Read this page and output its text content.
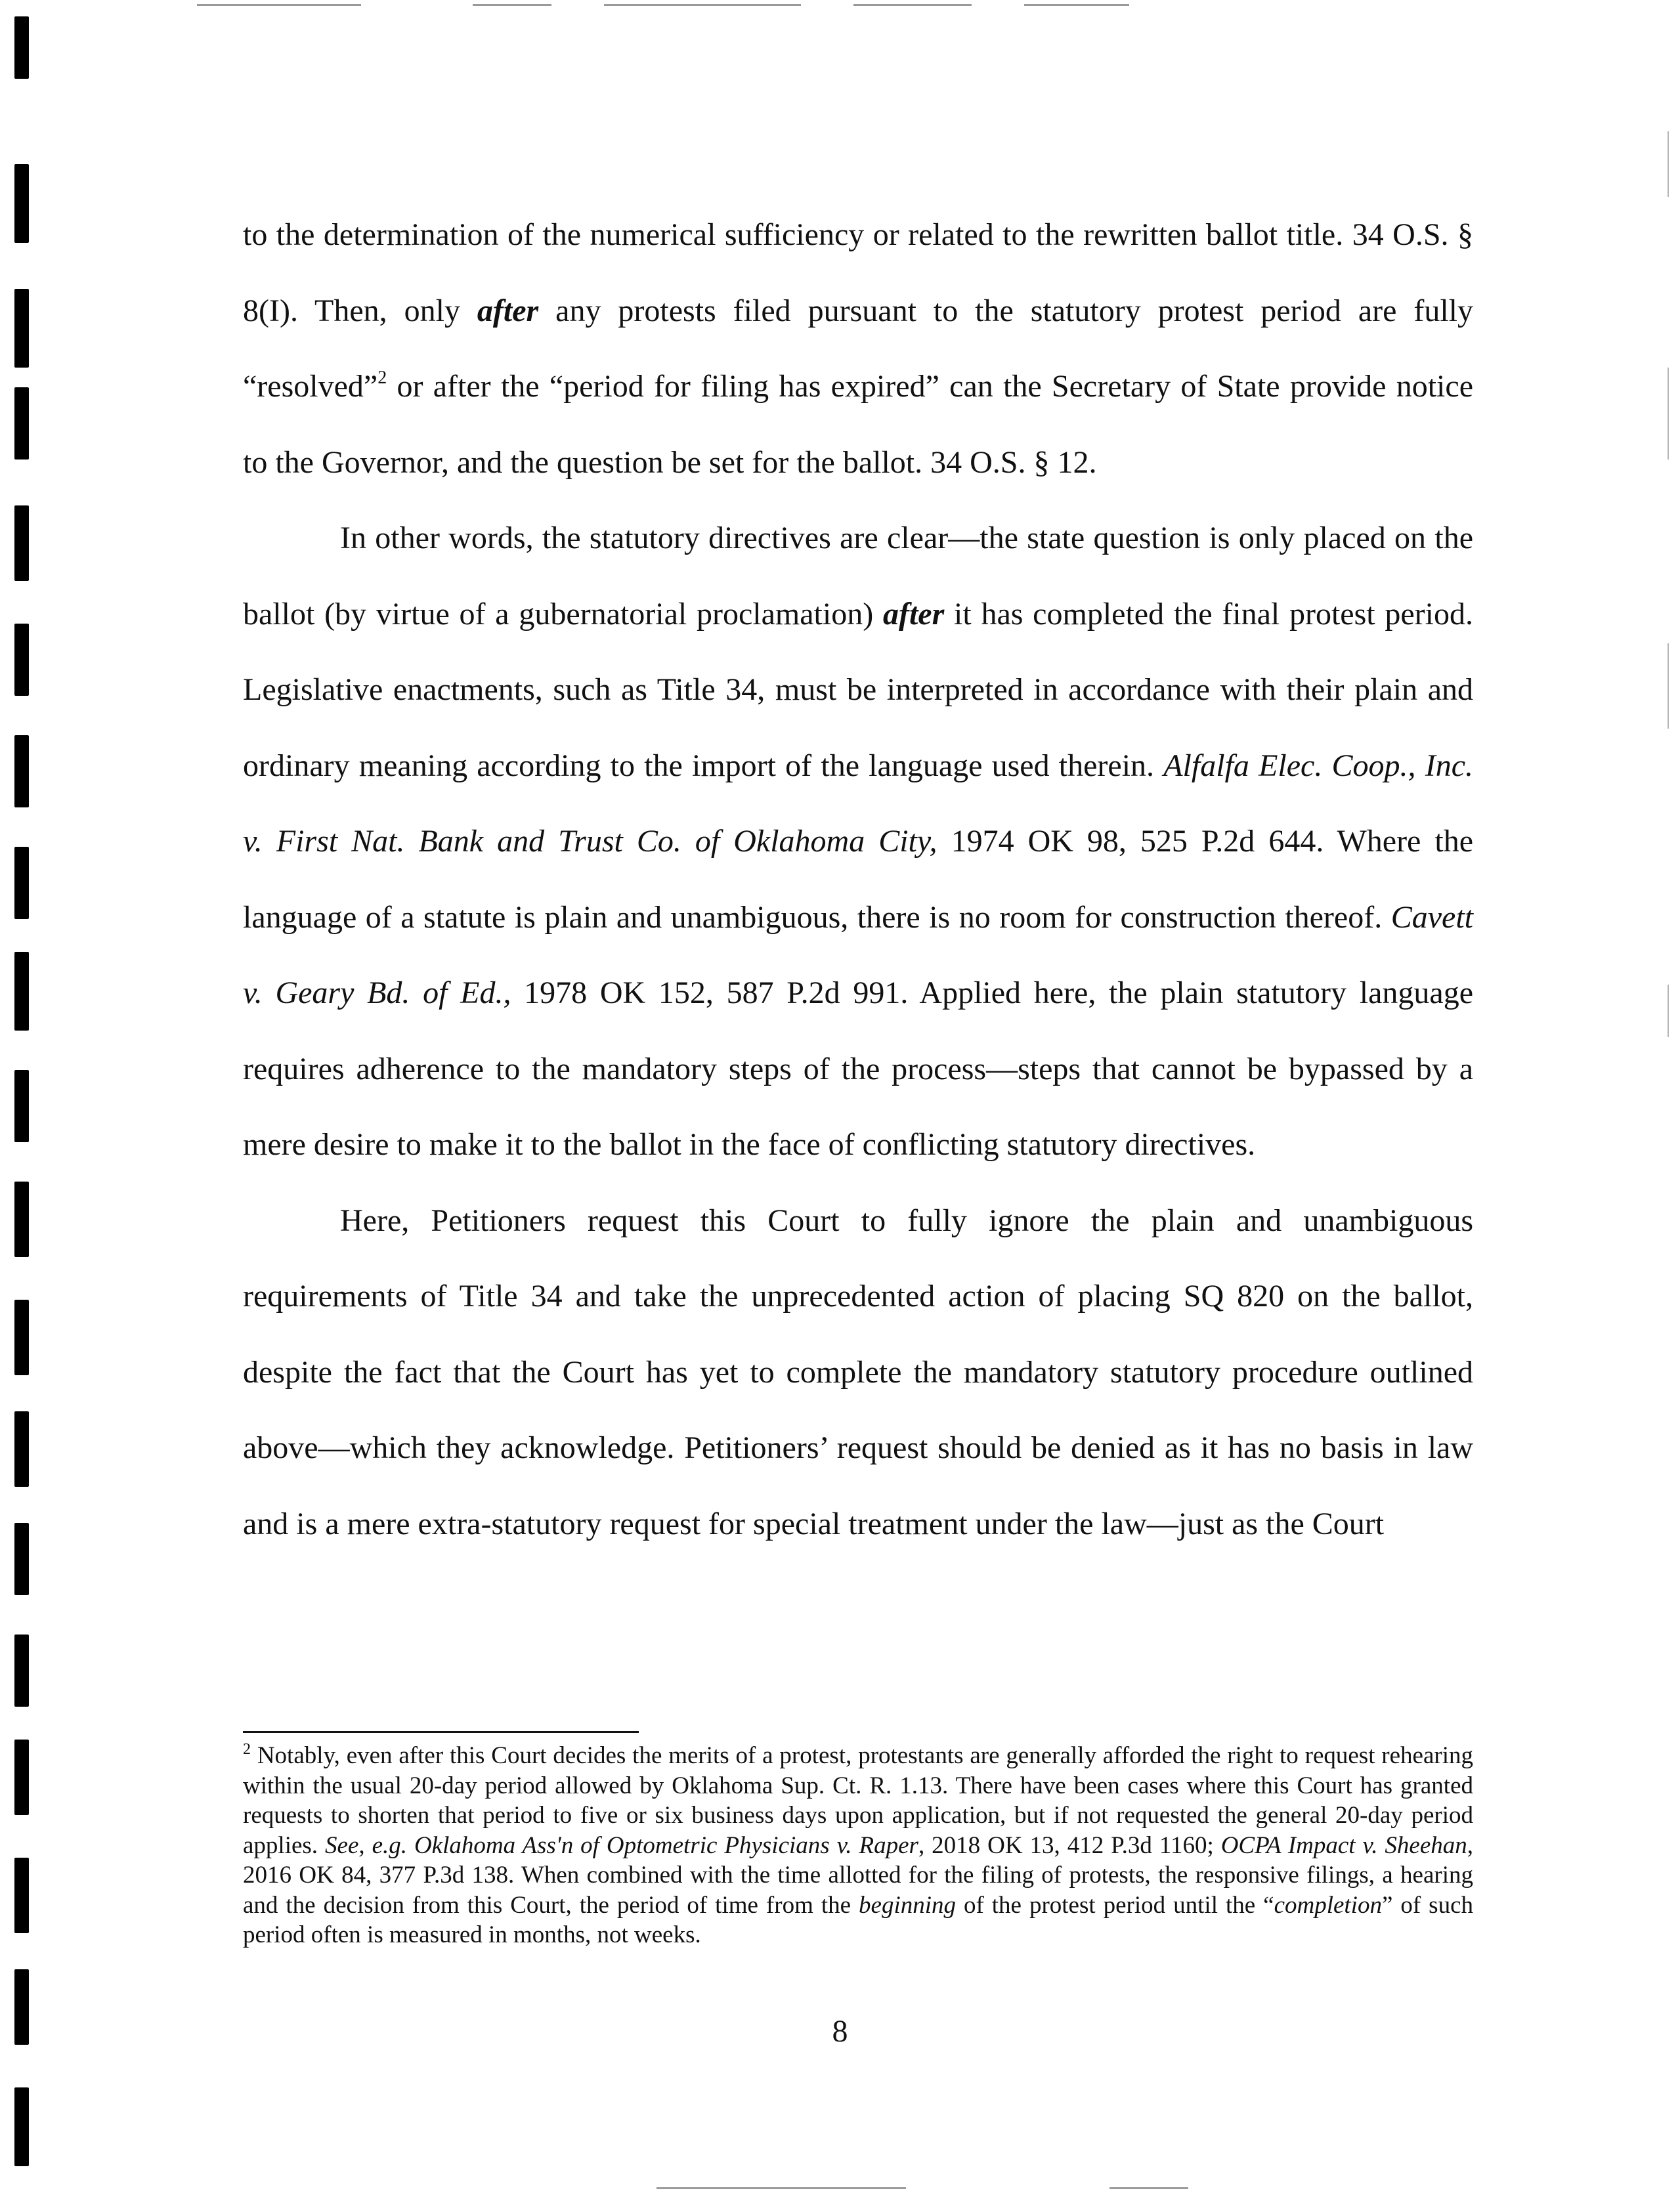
to the determination of the numerical sufficiency or related to the rewritten ballot title. 34 O.S. § 8(I). Then, only after any protests filed pursuant to the statutory protest period are fully “resolved”$^2$ or after the “period for filing has expired” can the Secretary of State provide notice to the Governor, and the question be set for the ballot. 34 O.S. § 12.

In other words, the statutory directives are clear—the state question is only placed on the ballot (by virtue of a gubernatorial proclamation) after it has completed the final protest period. Legislative enactments, such as Title 34, must be interpreted in accordance with their plain and ordinary meaning according to the import of the language used therein. Alfalfa Elec. Coop., Inc. v. First Nat. Bank and Trust Co. of Oklahoma City, 1974 OK 98, 525 P.2d 644. Where the language of a statute is plain and unambiguous, there is no room for construction thereof. Cavett v. Geary Bd. of Ed., 1978 OK 152, 587 P.2d 991. Applied here, the plain statutory language requires adherence to the mandatory steps of the process—steps that cannot be bypassed by a mere desire to make it to the ballot in the face of conflicting statutory directives.

Here, Petitioners request this Court to fully ignore the plain and unambiguous requirements of Title 34 and take the unprecedented action of placing SQ 820 on the ballot, despite the fact that the Court has yet to complete the mandatory statutory procedure outlined above—which they acknowledge. Petitioners’ request should be denied as it has no basis in law and is a mere extra-statutory request for special treatment under the law—just as the Court

$^2$ Notably, even after this Court decides the merits of a protest, protestants are generally afforded the right to request rehearing within the usual 20-day period allowed by Oklahoma Sup. Ct. R. 1.13. There have been cases where this Court has granted requests to shorten that period to five or six business days upon application, but if not requested the general 20-day period applies. See, e.g. Oklahoma Ass'n of Optometric Physicians v. Raper, 2018 OK 13, 412 P.3d 1160; OCPA Impact v. Sheehan, 2016 OK 84, 377 P.3d 138. When combined with the time allotted for the filing of protests, the responsive filings, a hearing and the decision from this Court, the period of time from the beginning of the protest period until the “completion” of such period often is measured in months, not weeks.
8
